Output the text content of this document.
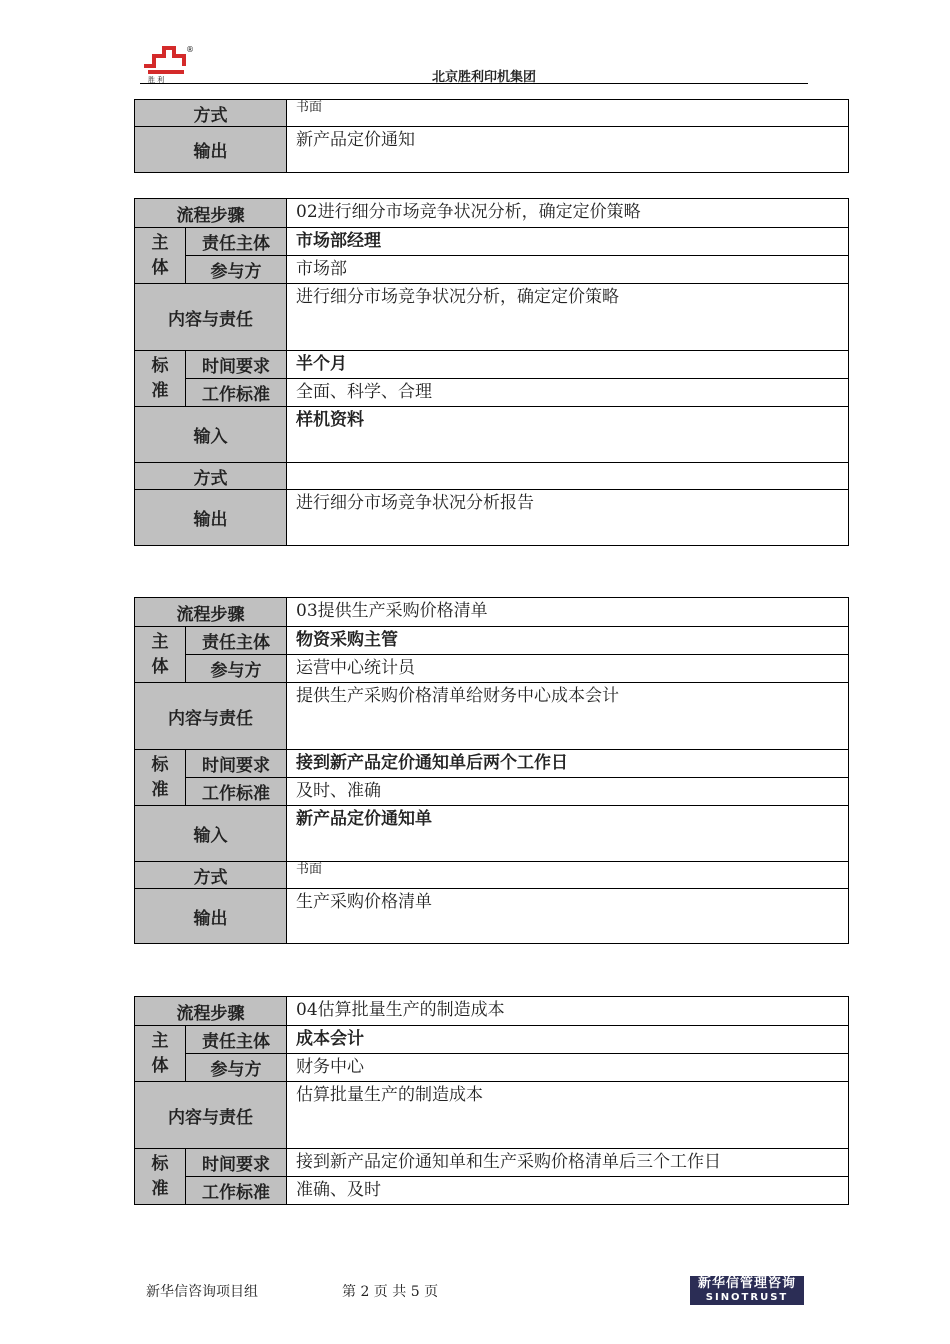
®
胜 利	北京胜利印机集团
方式	书面
输出	新产品定价通知
流程步骤		02进行细分市场竞争状况分析，确定定价策略
主
体	责任主体	市场部经理
	参与方	市场部
内容与责任		进行细分市场竞争状况分析，确定定价策略
标
准	时间要求	半个月
	工作标准	全面、科学、合理
输入		样机资料
方式		
输出		进行细分市场竞争状况分析报告
流程步骤		03提供生产采购价格清单
主
体	责任主体	物资采购主管
	参与方	运营中心统计员
内容与责任		提供生产采购价格清单给财务中心成本会计
标
准	时间要求	接到新产品定价通知单后两个工作日
	工作标准	及时、准确
输入		新产品定价通知单
方式		书面
输出		生产采购价格清单
流程步骤		04估算批量生产的制造成本
主
体	责任主体	成本会计
	参与方	财务中心
内容与责任		估算批量生产的制造成本
标
准	时间要求	接到新产品定价通知单和生产采购价格清单后三个工作日
	工作标准	准确、及时
新华信咨询项目组	第 2 页 共 5 页
新华信管理咨询
SINOTRUST
